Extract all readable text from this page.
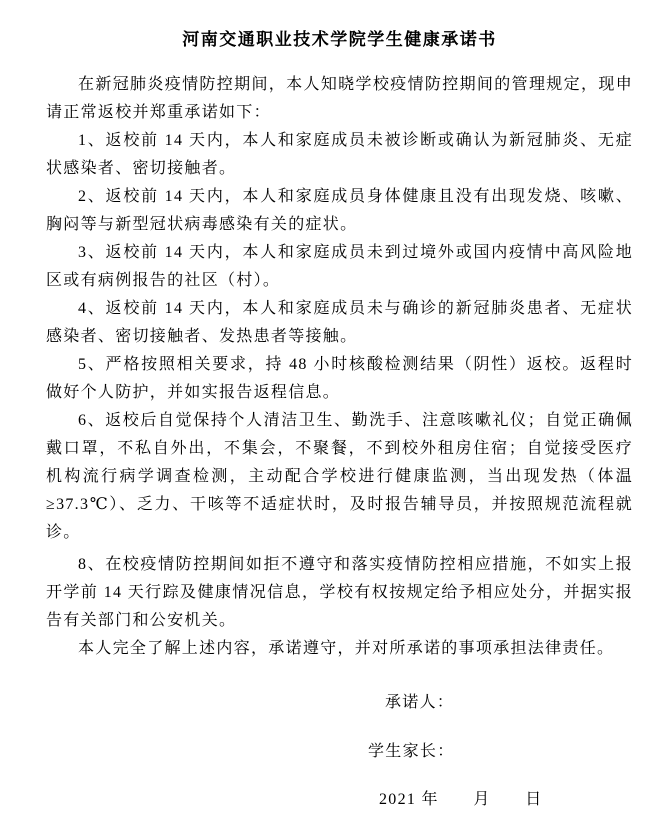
河南交通职业技术学院学生健康承诺书

在新冠肺炎疫情防控期间，本人知晓学校疫情防控期间的管理规定，现申请正常返校并郑重承诺如下：

1、返校前 14 天内，本人和家庭成员未被诊断或确认为新冠肺炎、无症状感染者、密切接触者。

2、返校前 14 天内，本人和家庭成员身体健康且没有出现发烧、咳嗽、胸闷等与新型冠状病毒感染有关的症状。

3、返校前 14 天内，本人和家庭成员未到过境外或国内疫情中高风险地区或有病例报告的社区（村）。

4、返校前 14 天内，本人和家庭成员未与确诊的新冠肺炎患者、无症状感染者、密切接触者、发热患者等接触。

5、严格按照相关要求，持 48 小时核酸检测结果（阴性）返校。返程时做好个人防护，并如实报告返程信息。

6、返校后自觉保持个人清洁卫生、勤洗手、注意咳嗽礼仪；自觉正确佩戴口罩，不私自外出，不集会，不聚餐，不到校外租房住宿；自觉接受医疗机构流行病学调查检测，主动配合学校进行健康监测，当出现发热（体温≥37.3℃）、乏力、干咳等不适症状时，及时报告辅导员，并按照规范流程就诊。

8、在校疫情防控期间如拒不遵守和落实疫情防控相应措施，不如实上报开学前 14 天行踪及健康情况信息，学校有权按规定给予相应处分，并据实报告有关部门和公安机关。

本人完全了解上述内容，承诺遵守，并对所承诺的事项承担法律责任。

承诺人：

学生家长：

2021 年　　月　　日
